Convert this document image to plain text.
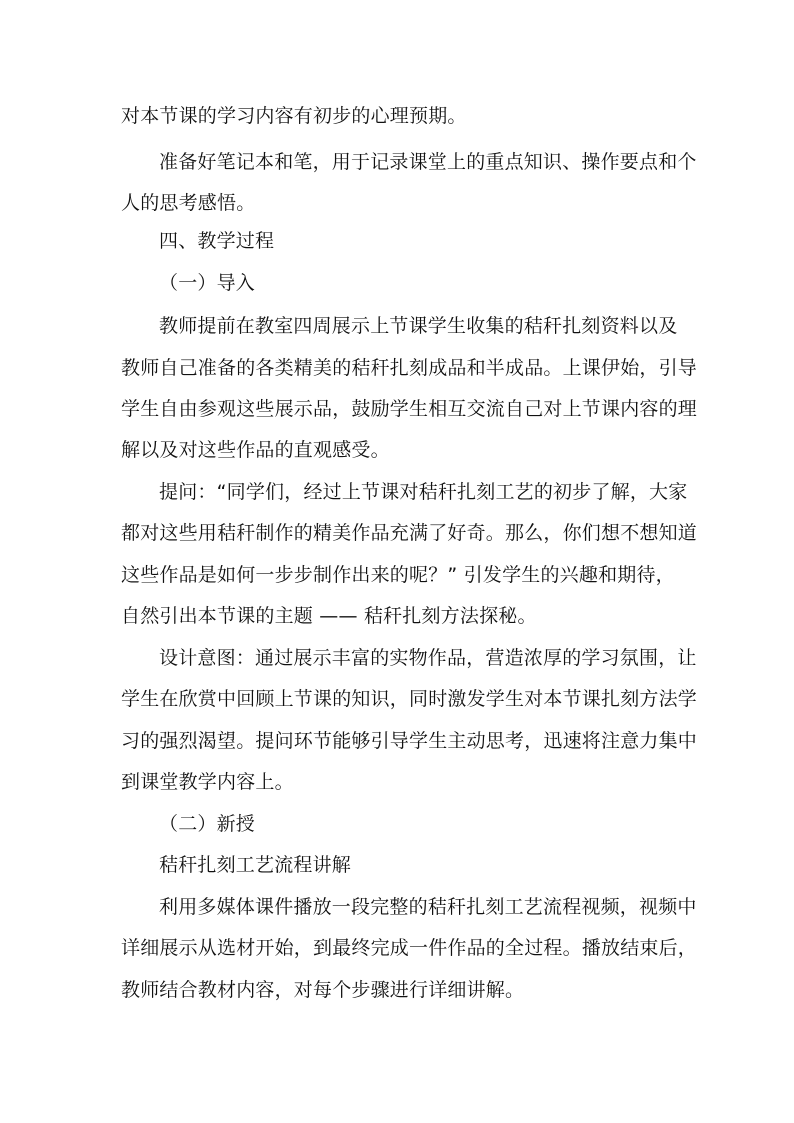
对本节课的学习内容有初步的心理预期。
准备好笔记本和笔，用于记录课堂上的重点知识、操作要点和个
人的思考感悟。
四、教学过程
（一）导入
教师提前在教室四周展示上节课学生收集的秸秆扎刻资料以及
教师自己准备的各类精美的秸秆扎刻成品和半成品。上课伊始，引导
学生自由参观这些展示品，鼓励学生相互交流自己对上节课内容的理
解以及对这些作品的直观感受。
提问：“同学们，经过上节课对秸秆扎刻工艺的初步了解，大家
都对这些用秸秆制作的精美作品充满了好奇。那么，你们想不想知道
这些作品是如何一步步制作出来的呢？” 引发学生的兴趣和期待，
自然引出本节课的主题 —— 秸秆扎刻方法探秘。
设计意图：通过展示丰富的实物作品，营造浓厚的学习氛围，让
学生在欣赏中回顾上节课的知识，同时激发学生对本节课扎刻方法学
习的强烈渴望。提问环节能够引导学生主动思考，迅速将注意力集中
到课堂教学内容上。
（二）新授
秸秆扎刻工艺流程讲解
利用多媒体课件播放一段完整的秸秆扎刻工艺流程视频，视频中
详细展示从选材开始，到最终完成一件作品的全过程。播放结束后，
教师结合教材内容，对每个步骤进行详细讲解。
